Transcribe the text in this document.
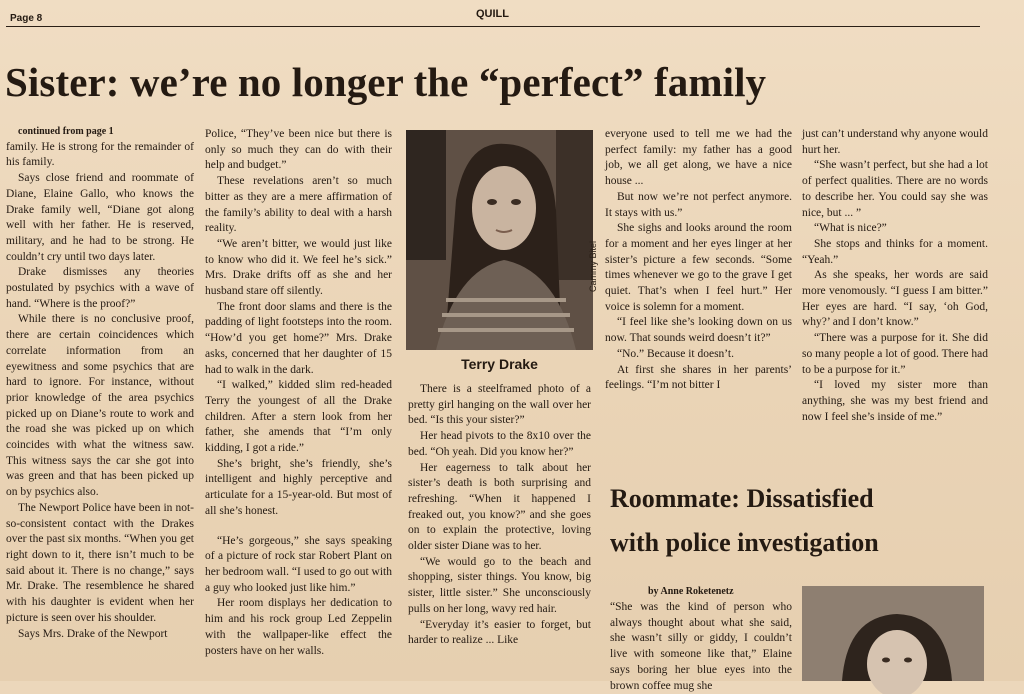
Page 8	QUILL
Sister: we’re no longer the “perfect” family

continued from page 1

family. He is strong for the remainder of his family.

Says close friend and roommate of Diane, Elaine Gallo, who knows the Drake family well, “Diane got along well with her father. He is reserved, military, and he had to be strong. He couldn’t cry until two days later.

Drake dismisses any theories postulated by psychics with a wave of hand. “Where is the proof?”

While there is no conclusive proof, there are certain coincidences which correlate information from an eyewitness and some psychics that are hard to ignore. For instance, without prior knowledge of the area psychics picked up on Diane’s route to work and the road she was picked up on which coincides with what the witness saw. This witness says the car she got into was green and that has been picked up on by psychics also.

The Newport Police have been in not-so-consistent contact with the Drakes over the past six months. “When you get right down to it, there isn’t much to be said about it. There is no change,” says Mr. Drake. The resemblence he shared with his daughter is evident when her picture is seen over his shoulder.

Says Mrs. Drake of the Newport

Police, “They’ve been nice but there is only so much they can do with their help and budget.”

These revelations aren’t so much bitter as they are a mere affirmation of the family’s ability to deal with a harsh reality.

“We aren’t bitter, we would just like to know who did it. We feel he’s sick.” Mrs. Drake drifts off as she and her husband stare off silently.

The front door slams and there is the padding of light footsteps into the room. “How’d you get home?” Mrs. Drake asks, concerned that her daughter of 15 had to walk in the dark.

“I walked,” kidded slim red-headed Terry the youngest of all the Drake children. After a stern look from her father, she amends that “I’m only kidding, I got a ride.”

She’s bright, she’s friendly, she’s intelligent and highly perceptive and articulate for a 15-year-old. But most of all she’s honest.

“He’s gorgeous,” she says speaking of a picture of rock star Robert Plant on her bedroom wall. “I used to go out with a guy who looked just like him.”

Her room displays her dedication to him and his rock group Led Zeppelin with the wallpaper-like effect the posters have on her walls.

Cammy Bitel
Terry Drake

There is a steelframed photo of a pretty girl hanging on the wall over her bed. “Is this your sister?”

Her head pivots to the 8x10 over the bed. “Oh yeah. Did you know her?”

Her eagerness to talk about her sister’s death is both surprising and refreshing. “When it happened I freaked out, you know?” and she goes on to explain the protective, loving older sister Diane was to her.

“We would go to the beach and shopping, sister things. You know, big sister, little sister.” She unconsciously pulls on her long, wavy red hair.

“Everyday it’s easier to forget, but harder to realize ... Like

everyone used to tell me we had the perfect family: my father has a good job, we all get along, we have a nice house ...

But now we’re not perfect anymore. It stays with us.”

She sighs and looks around the room for a moment and her eyes linger at her sister’s picture a few seconds. “Some times whenever we go to the grave I get quiet. That’s when I feel hurt.” Her voice is solemn for a moment.

“I feel like she’s looking down on us now. That sounds weird doesn’t it?”

“No.” Because it doesn’t.

At first she shares in her parents’ feelings. “I’m not bitter I

just can’t understand why anyone would hurt her.

“She wasn’t perfect, but she had a lot of perfect qualities. There are no words to describe her. You could say she was nice, but ... ”

“What is nice?”

She stops and thinks for a moment. “Yeah.”

As she speaks, her words are said more venomously. “I guess I am bitter.” Her eyes are hard. “I say, ‘oh God, why?’ and I don’t know.”

“There was a purpose for it. She did so many people a lot of good. There had to be a purpose for it.”

“I loved my sister more than anything, she was my best friend and now I feel she’s inside of me.”

Roommate: Dissatisfied
with police investigation
by Anne Roketenetz

“She was the kind of person who always thought about what she said, she wasn’t silly or giddy, I couldn’t live with someone like that,” Elaine says boring her blue eyes into the brown coffee mug she
